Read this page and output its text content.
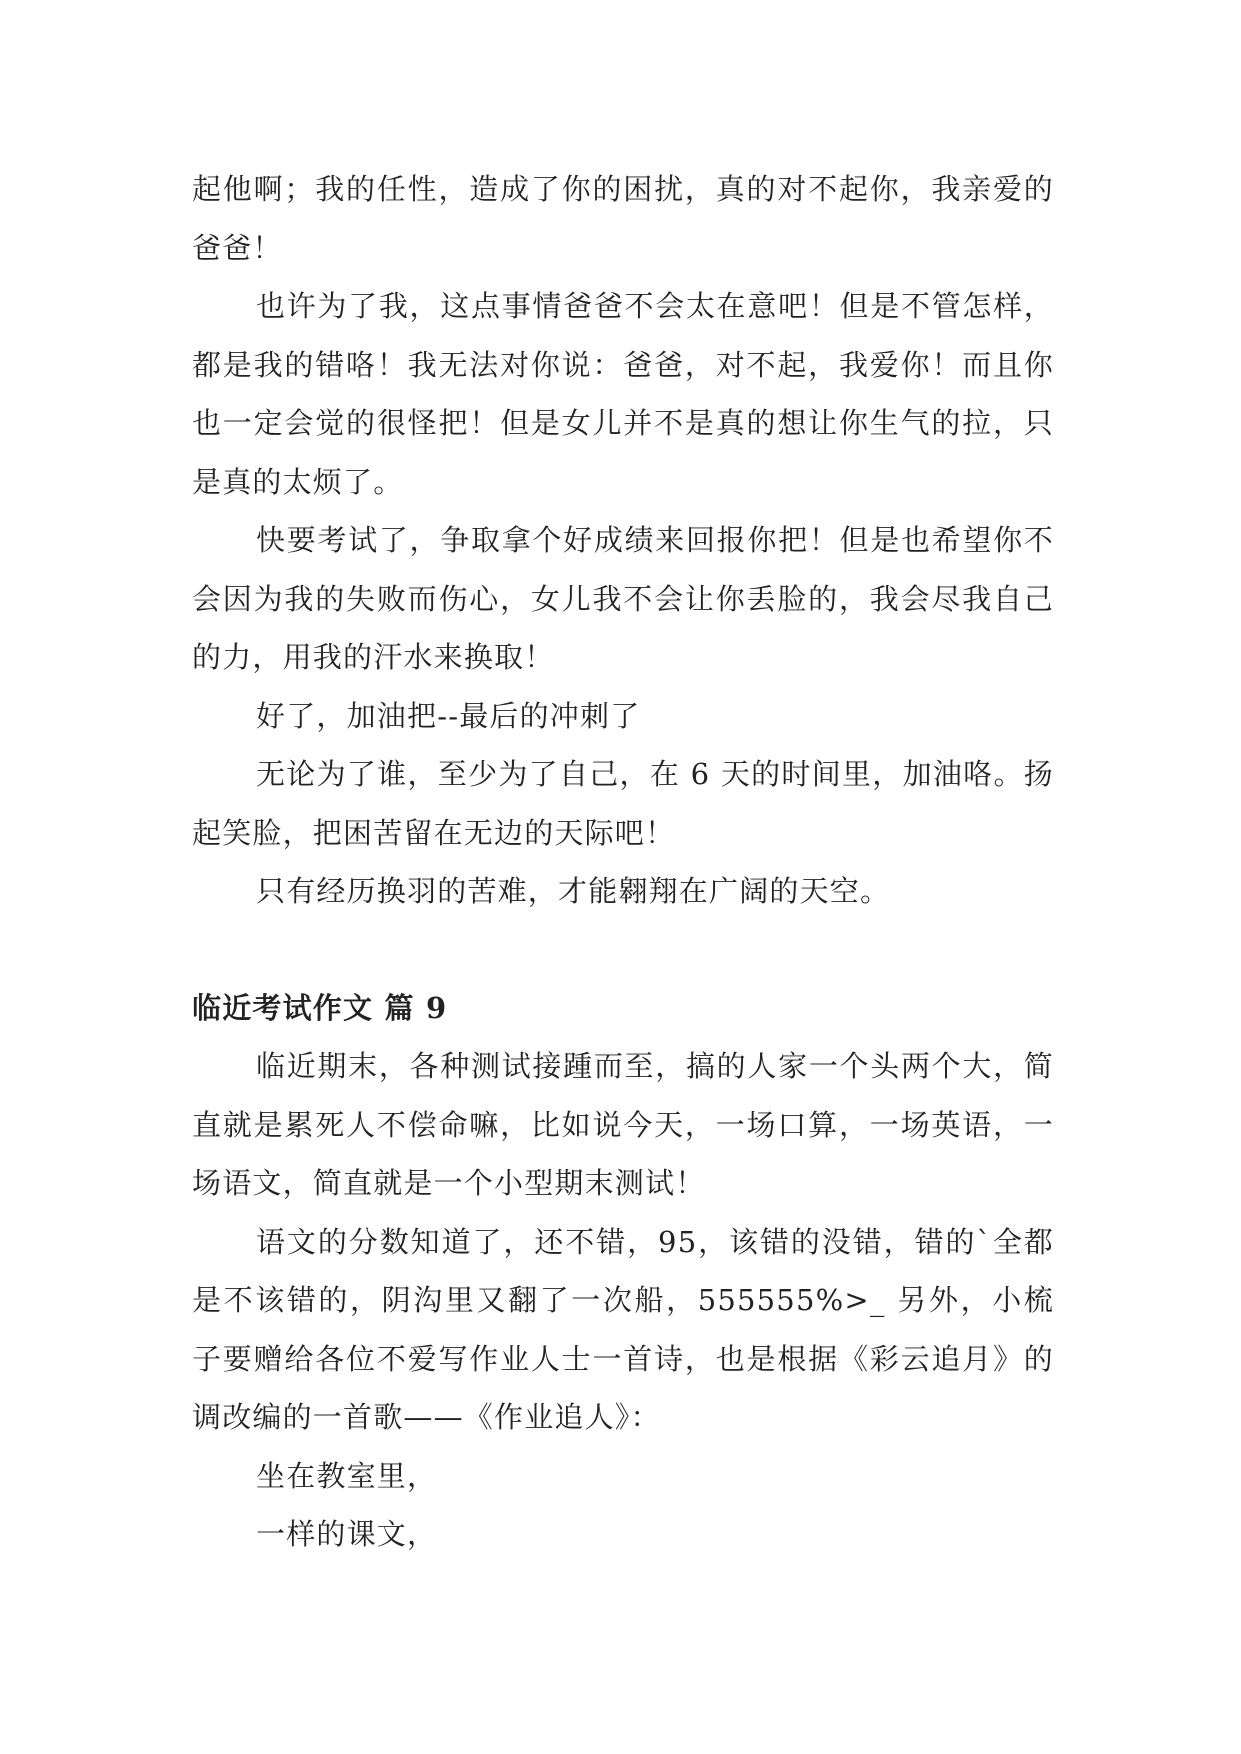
起他啊；我的任性，造成了你的困扰，真的对不起你，我亲爱的爸爸！

也许为了我，这点事情爸爸不会太在意吧！但是不管怎样，都是我的错咯！我无法对你说：爸爸，对不起，我爱你！而且你也一定会觉的很怪把！但是女儿并不是真的想让你生气的拉，只是真的太烦了。

快要考试了，争取拿个好成绩来回报你把！但是也希望你不会因为我的失败而伤心，女儿我不会让你丢脸的，我会尽我自己的力，用我的汗水来换取！

好了，加油把--最后的冲刺了

无论为了谁，至少为了自己，在 6 天的时间里，加油咯。扬起笑脸，把困苦留在无边的天际吧！

只有经历换羽的苦难，才能翱翔在广阔的天空。

临近考试作文 篇 9

临近期末，各种测试接踵而至，搞的人家一个头两个大，简直就是累死人不偿命嘛，比如说今天，一场口算，一场英语，一场语文，简直就是一个小型期末测试！

语文的分数知道了，还不错，95，该错的没错，错的`全都是不该错的，阴沟里又翻了一次船，555555%>_ 另外，小梳子要赠给各位不爱写作业人士一首诗，也是根据《彩云追月》的调改编的一首歌——《作业追人》：

坐在教室里，

一样的课文，
